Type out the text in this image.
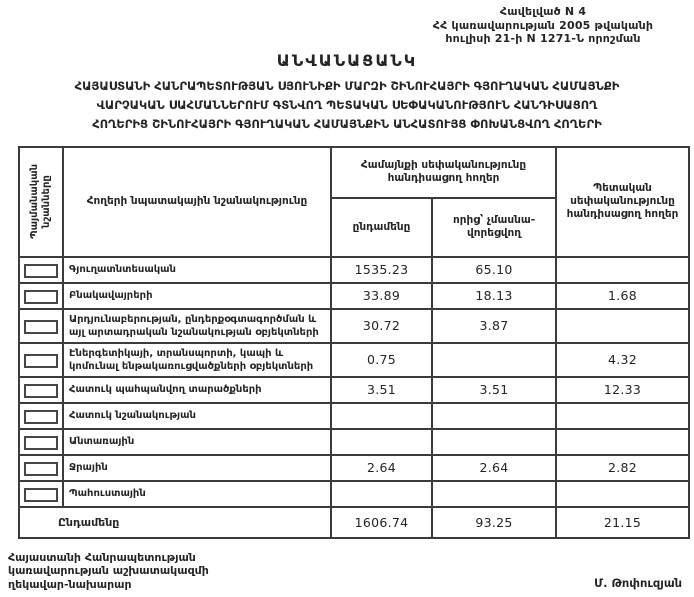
Հավելված N 4
ՀՀ կառավարության 2005 թվականի
հուլիսի 21-ի N 1271-Ն որոշման
ԱՆՎԱՆԱՑԱՆԿ
ՀԱՅԱՍՏԱՆԻ ՀԱՆՐԱՊԵՏՈՒԹՅԱՆ ՍՅՈՒՆԻՔԻ ՄԱՐԶԻ ՇԻՆՈՒՀԱՅՐԻ ԳՅՈՒՂԱԿԱՆ ՀԱՄԱՅՆՔԻ
ՎԱՐՉԱԿԱՆ ՍԱՀՄԱՆՆԵՐՈՒՄ ԳՏՆՎՈՂ ՊԵՏԱԿԱՆ ՍԵՓԱԿԱՆՈՒԹՅՈՒՆ ՀԱՆԴԻՍԱՑՈՂ
ՀՈՂԵՐԻՑ ՇԻՆՈՒՀԱՅՐԻ ԳՅՈՒՂԱԿԱՆ ՀԱՄԱՅՆՔԻՆ ԱՆՀԱՏՈՒՅՑ ՓՈԽԱՆՑՎՈՂ ՀՈՂԵՐԻ
Պայմանական նշանները	Հողերի նպատակային նշանակությունը	Համայնքի սեփականությունը հանդիսացող հողեր		Պետական սեփականությունը հանդիսացող հողեր
		ընդամենը	որից՝ չմասնա-վորեցվող	
	Գյուղատնտեսական	1535.23	65.10	
	Բնակավայրերի	33.89	18.13	1.68
	Արդյունաբերության, ընդերքօգտագործման և այլ արտադրական նշանակության օբյեկտների	30.72	3.87	
	Էներգետիկայի, տրանսպորտի, կապի և կոմունալ ենթակառուցվածքների օբյեկտների	0.75		4.32
	Հատուկ պահպանվող տարածքների	3.51	3.51	12.33
	Հատուկ նշանակության			
	Անտառային			
	Ջրային	2.64	2.64	2.82
	Պահուստային			
Ընդամենը		1606.74	93.25	21.15
Հայաստանի Հանրապետության
կառավարության աշխատակազմի
ղեկավար-նախարար	Մ. Թոփուզյան
